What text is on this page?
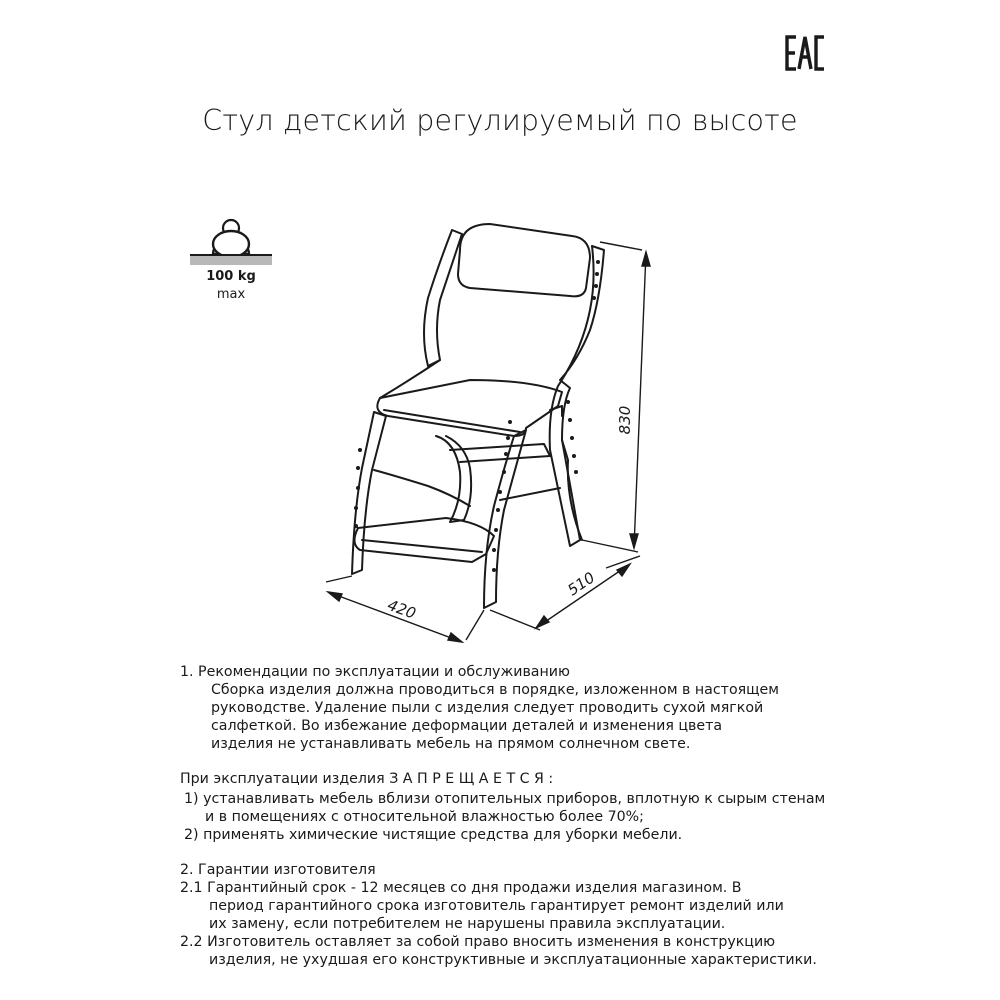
Стул детский регулируемый по высоте
100 kg
max
830
420
510

1. Рекомендации по эксплуатации и обслуживанию

Сборка изделия должна проводиться в порядке, изложенном в настоящем

руководстве. Удаление пыли с изделия следует проводить сухой мягкой

салфеткой. Во избежание деформации деталей и изменения цвета

изделия не устанавливать мебель на прямом солнечном свете.

При эксплуатации изделия З А П Р Е Щ А Е Т С Я :

1) устанавливать мебель вблизи отопительных приборов, вплотную к сырым стенам

и в помещениях с относительной влажностью более 70%;

2) применять химические чистящие средства для уборки мебели.

2. Гарантии изготовителя

2.1 Гарантийный срок - 12 месяцев со дня продажи изделия магазином. В

период гарантийного срока изготовитель гарантирует ремонт изделий или

их замену, если потребителем не нарушены правила эксплуатации.

2.2 Изготовитель оставляет за собой право вносить изменения в конструкцию

изделия, не ухудшая его конструктивные и эксплуатационные характеристики.
